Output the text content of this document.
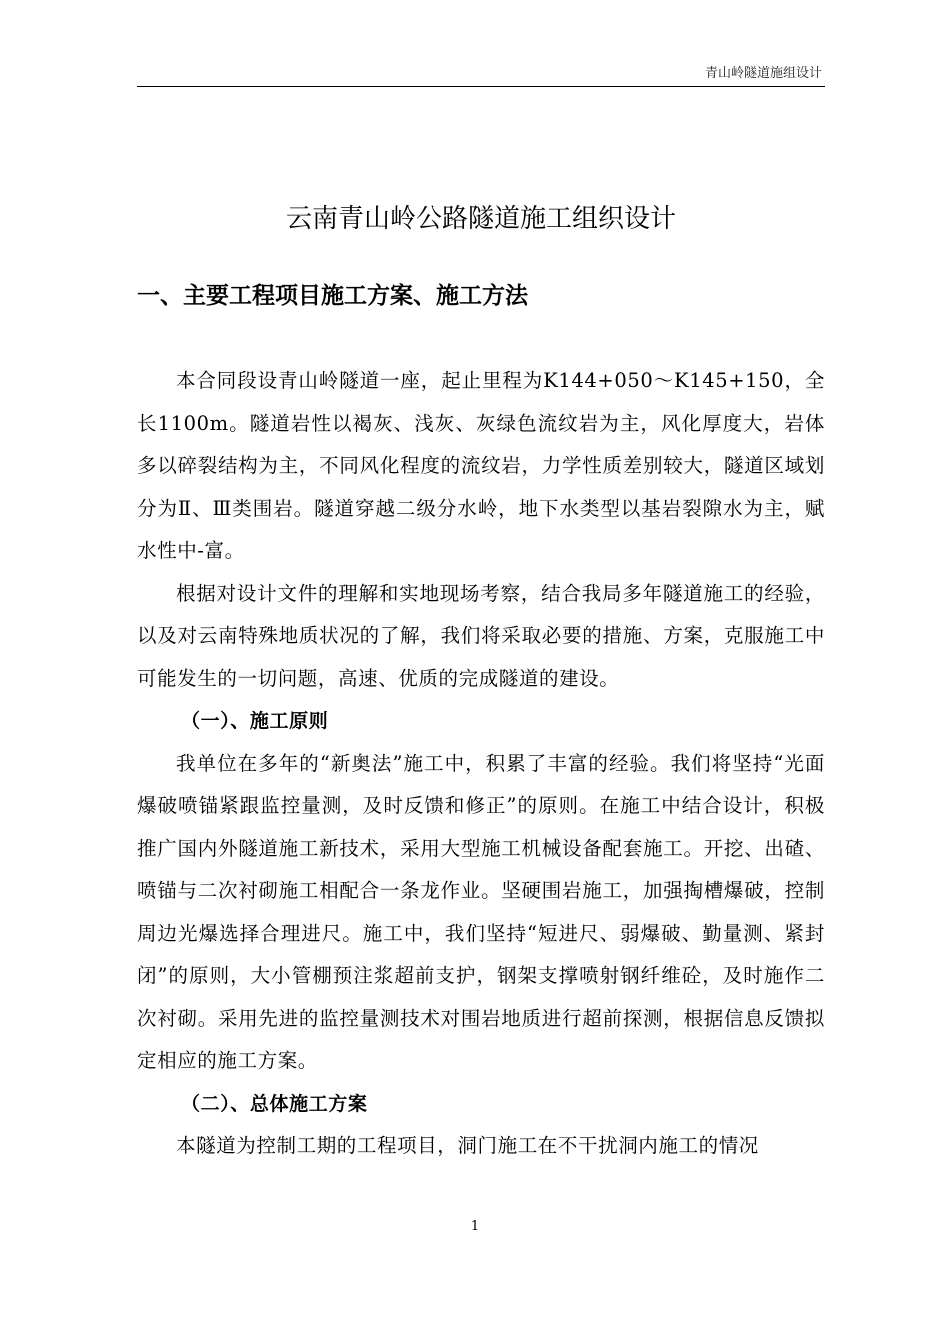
青山岭隧道施组设计
云南青山岭公路隧道施工组织设计
一、主要工程项目施工方案、施工方法

本合同段设青山岭隧道一座，起止里程为K144+050～K145+150，全长1100m。隧道岩性以褐灰、浅灰、灰绿色流纹岩为主，风化厚度大，岩体多以碎裂结构为主，不同风化程度的流纹岩，力学性质差别较大，隧道区域划分为Ⅱ、Ⅲ类围岩。隧道穿越二级分水岭，地下水类型以基岩裂隙水为主，赋水性中-富。

根据对设计文件的理解和实地现场考察，结合我局多年隧道施工的经验，以及对云南特殊地质状况的了解，我们将采取必要的措施、方案，克服施工中可能发生的一切问题，高速、优质的完成隧道的建设。

（一）、施工原则

我单位在多年的“新奥法”施工中，积累了丰富的经验。我们将坚持“光面爆破喷锚紧跟监控量测，及时反馈和修正”的原则。在施工中结合设计，积极推广国内外隧道施工新技术，采用大型施工机械设备配套施工。开挖、出碴、喷锚与二次衬砌施工相配合一条龙作业。坚硬围岩施工，加强掏槽爆破，控制周边光爆选择合理进尺。施工中，我们坚持“短进尺、弱爆破、勤量测、紧封闭”的原则，大小管棚预注浆超前支护，钢架支撑喷射钢纤维砼，及时施作二次衬砌。采用先进的监控量测技术对围岩地质进行超前探测，根据信息反馈拟定相应的施工方案。

（二）、总体施工方案

本隧道为控制工期的工程项目，洞门施工在不干扰洞内施工的情况

1
